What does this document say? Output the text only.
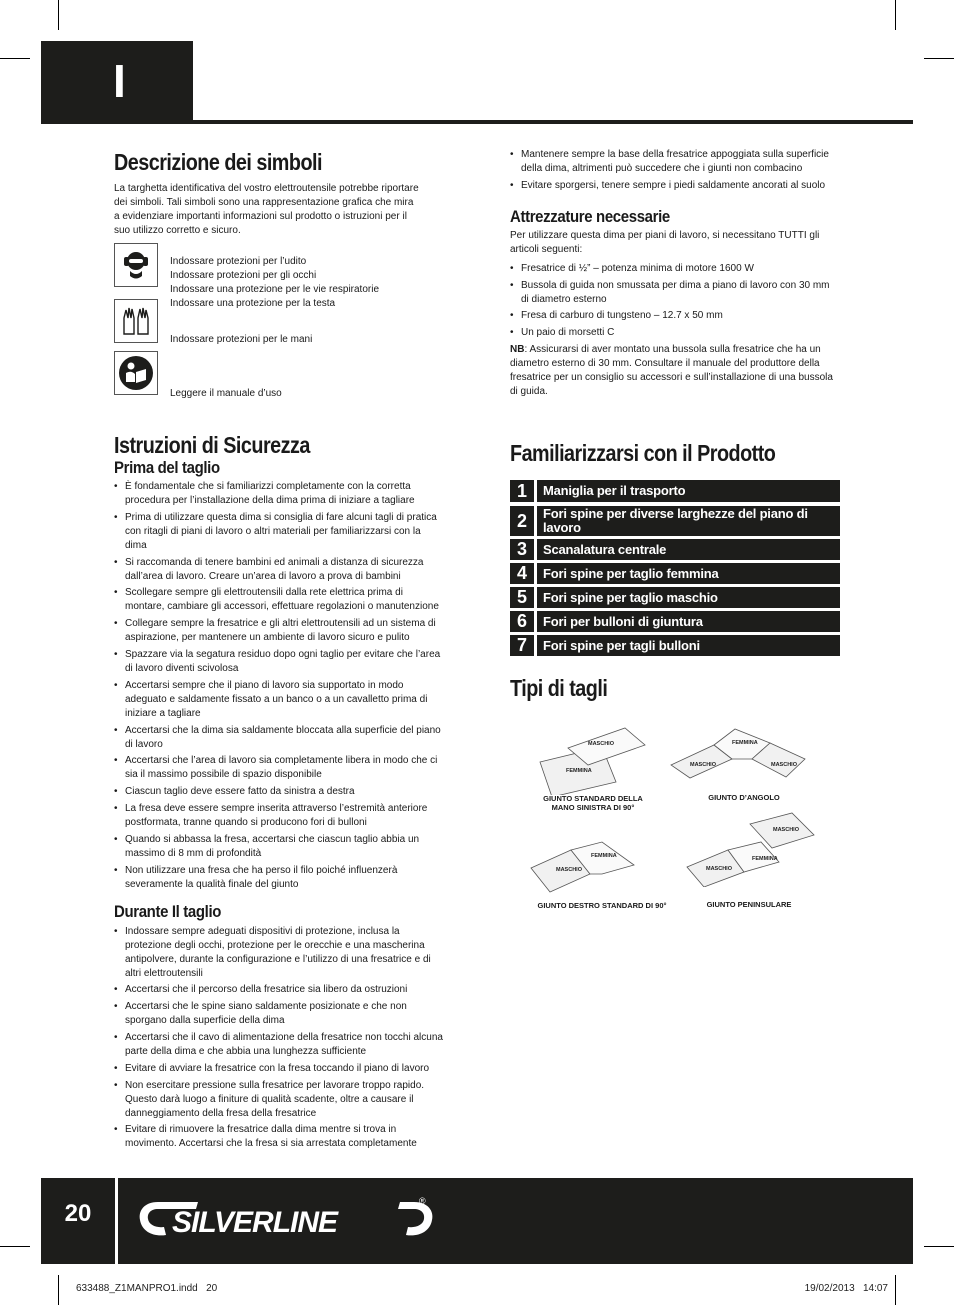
I
Descrizione dei simboli

La targhetta identificativa del vostro elettroutensile potrebbe riportare dei simboli. Tali simboli sono una rappresentazione grafica che mira a evidenziare importanti informazioni sul prodotto o istruzioni per il suo utilizzo corretto e sicuro.

Indossare protezioni per l’udito
Indossare protezioni per gli occhi
Indossare una protezione per le vie respiratorie
Indossare una protezione per la testa
Indossare protezioni per le mani
Leggere il manuale d’uso
Istruzioni di Sicurezza
Prima del taglio
• È fondamentale che si familiarizzi completamente con la corretta procedura per l’installazione della dima prima di iniziare a tagliare
• Prima di utilizzare questa dima si consiglia di fare alcuni tagli di pratica con ritagli di piani di lavoro o altri materiali per familiarizzarsi con la dima
• Si raccomanda di tenere bambini ed animali a distanza di sicurezza dall’area di lavoro. Creare un’area di lavoro a prova di bambini
• Scollegare sempre gli elettroutensili dalla rete elettrica prima di montare, cambiare gli accessori, effettuare regolazioni o manutenzione
• Collegare sempre la fresatrice e gli altri elettroutensili ad un sistema di aspirazione, per mantenere un ambiente di lavoro sicuro e pulito
• Spazzare via la segatura residuo dopo ogni taglio per evitare che l’area di lavoro diventi scivolosa
• Accertarsi sempre che il piano di lavoro sia supportato in modo adeguato e saldamente fissato a un banco o a un cavalletto prima di iniziare a tagliare
• Accertarsi che la dima sia saldamente bloccata alla superficie del piano di lavoro
• Accertarsi che l’area di lavoro sia completamente libera in modo che ci sia il massimo possibile di spazio disponibile
• Ciascun taglio deve essere fatto da sinistra a destra
• La fresa deve essere sempre inserita attraverso l’estremità anteriore postformata, tranne quando si producono fori di bulloni
• Quando si abbassa la fresa, accertarsi che ciascun taglio abbia un massimo di 8 mm di profondità
• Non utilizzare una fresa che ha perso il filo poiché influenzerà severamente la qualità finale del giunto
Durante Il taglio
• Indossare sempre adeguati dispositivi di protezione, inclusa la protezione degli occhi, protezione per le orecchie e una mascherina antipolvere, durante la configurazione e l’utilizzo di una fresatrice e di altri elettroutensili
• Accertarsi che il percorso della fresatrice sia libero da ostruzioni
• Accertarsi che le spine siano saldamente posizionate e che non sporgano dalla superficie della dima
• Accertarsi che il cavo di alimentazione della fresatrice non tocchi alcuna parte della dima e che abbia una lunghezza sufficiente
• Evitare di avviare la fresatrice con la fresa toccando il piano di lavoro
• Non esercitare pressione sulla fresatrice per lavorare troppo rapido. Questo darà luogo a finiture di qualità scadente, oltre a causare il danneggiamento della fresa della fresatrice
• Evitare di rimuovere la fresatrice dalla dima mentre si trova in movimento. Accertarsi che la fresa si sia arrestata completamente
• Mantenere sempre la base della fresatrice appoggiata sulla superficie della dima, altrimenti può succedere che i giunti non combacino
• Evitare sporgersi, tenere sempre i piedi saldamente ancorati al suolo
Attrezzature necessarie

Per utilizzare questa dima per piani di lavoro, si necessitano TUTTI gli articoli seguenti:

• Fresatrice di ½” – potenza minima di motore 1600 W
• Bussola di guida non smussata per dima a piano di lavoro con 30 mm di diametro esterno
• Fresa di carburo di tungsteno – 12.7 x 50 mm
• Un paio di morsetti C

NB: Assicurarsi di aver montato una bussola sulla fresatrice che ha un diametro esterno di 30 mm. Consultare il manuale del produttore della fresatrice per un consiglio su accessori e sull’installazione di una bussola di guida.

Familiarizzarsi con il Prodotto
1	Maniglia per il trasporto
2	Fori spine per diverse larghezze del piano di lavoro
3	Scanalatura centrale
4	Fori spine per taglio femmina
5	Fori spine per taglio maschio
6	Fori per bulloni di giuntura
7	Fori spine per tagli bulloni
Tipi di tagli
FEMMINA
MASCHIO
GIUNTO STANDARD DELLA MANO SINISTRA DI 90°
MASCHIO
FEMMINA
MASCHIO
GIUNTO D’ANGOLO
MASCHIO
FEMMINA
GIUNTO DESTRO STANDARD DI 90°
MASCHIO
FEMMINA
MASCHIO
GIUNTO PENINSULARE
20	SILVERLINE
®
633488_Z1MANPRO1.indd   20	19/02/2013   14:07
